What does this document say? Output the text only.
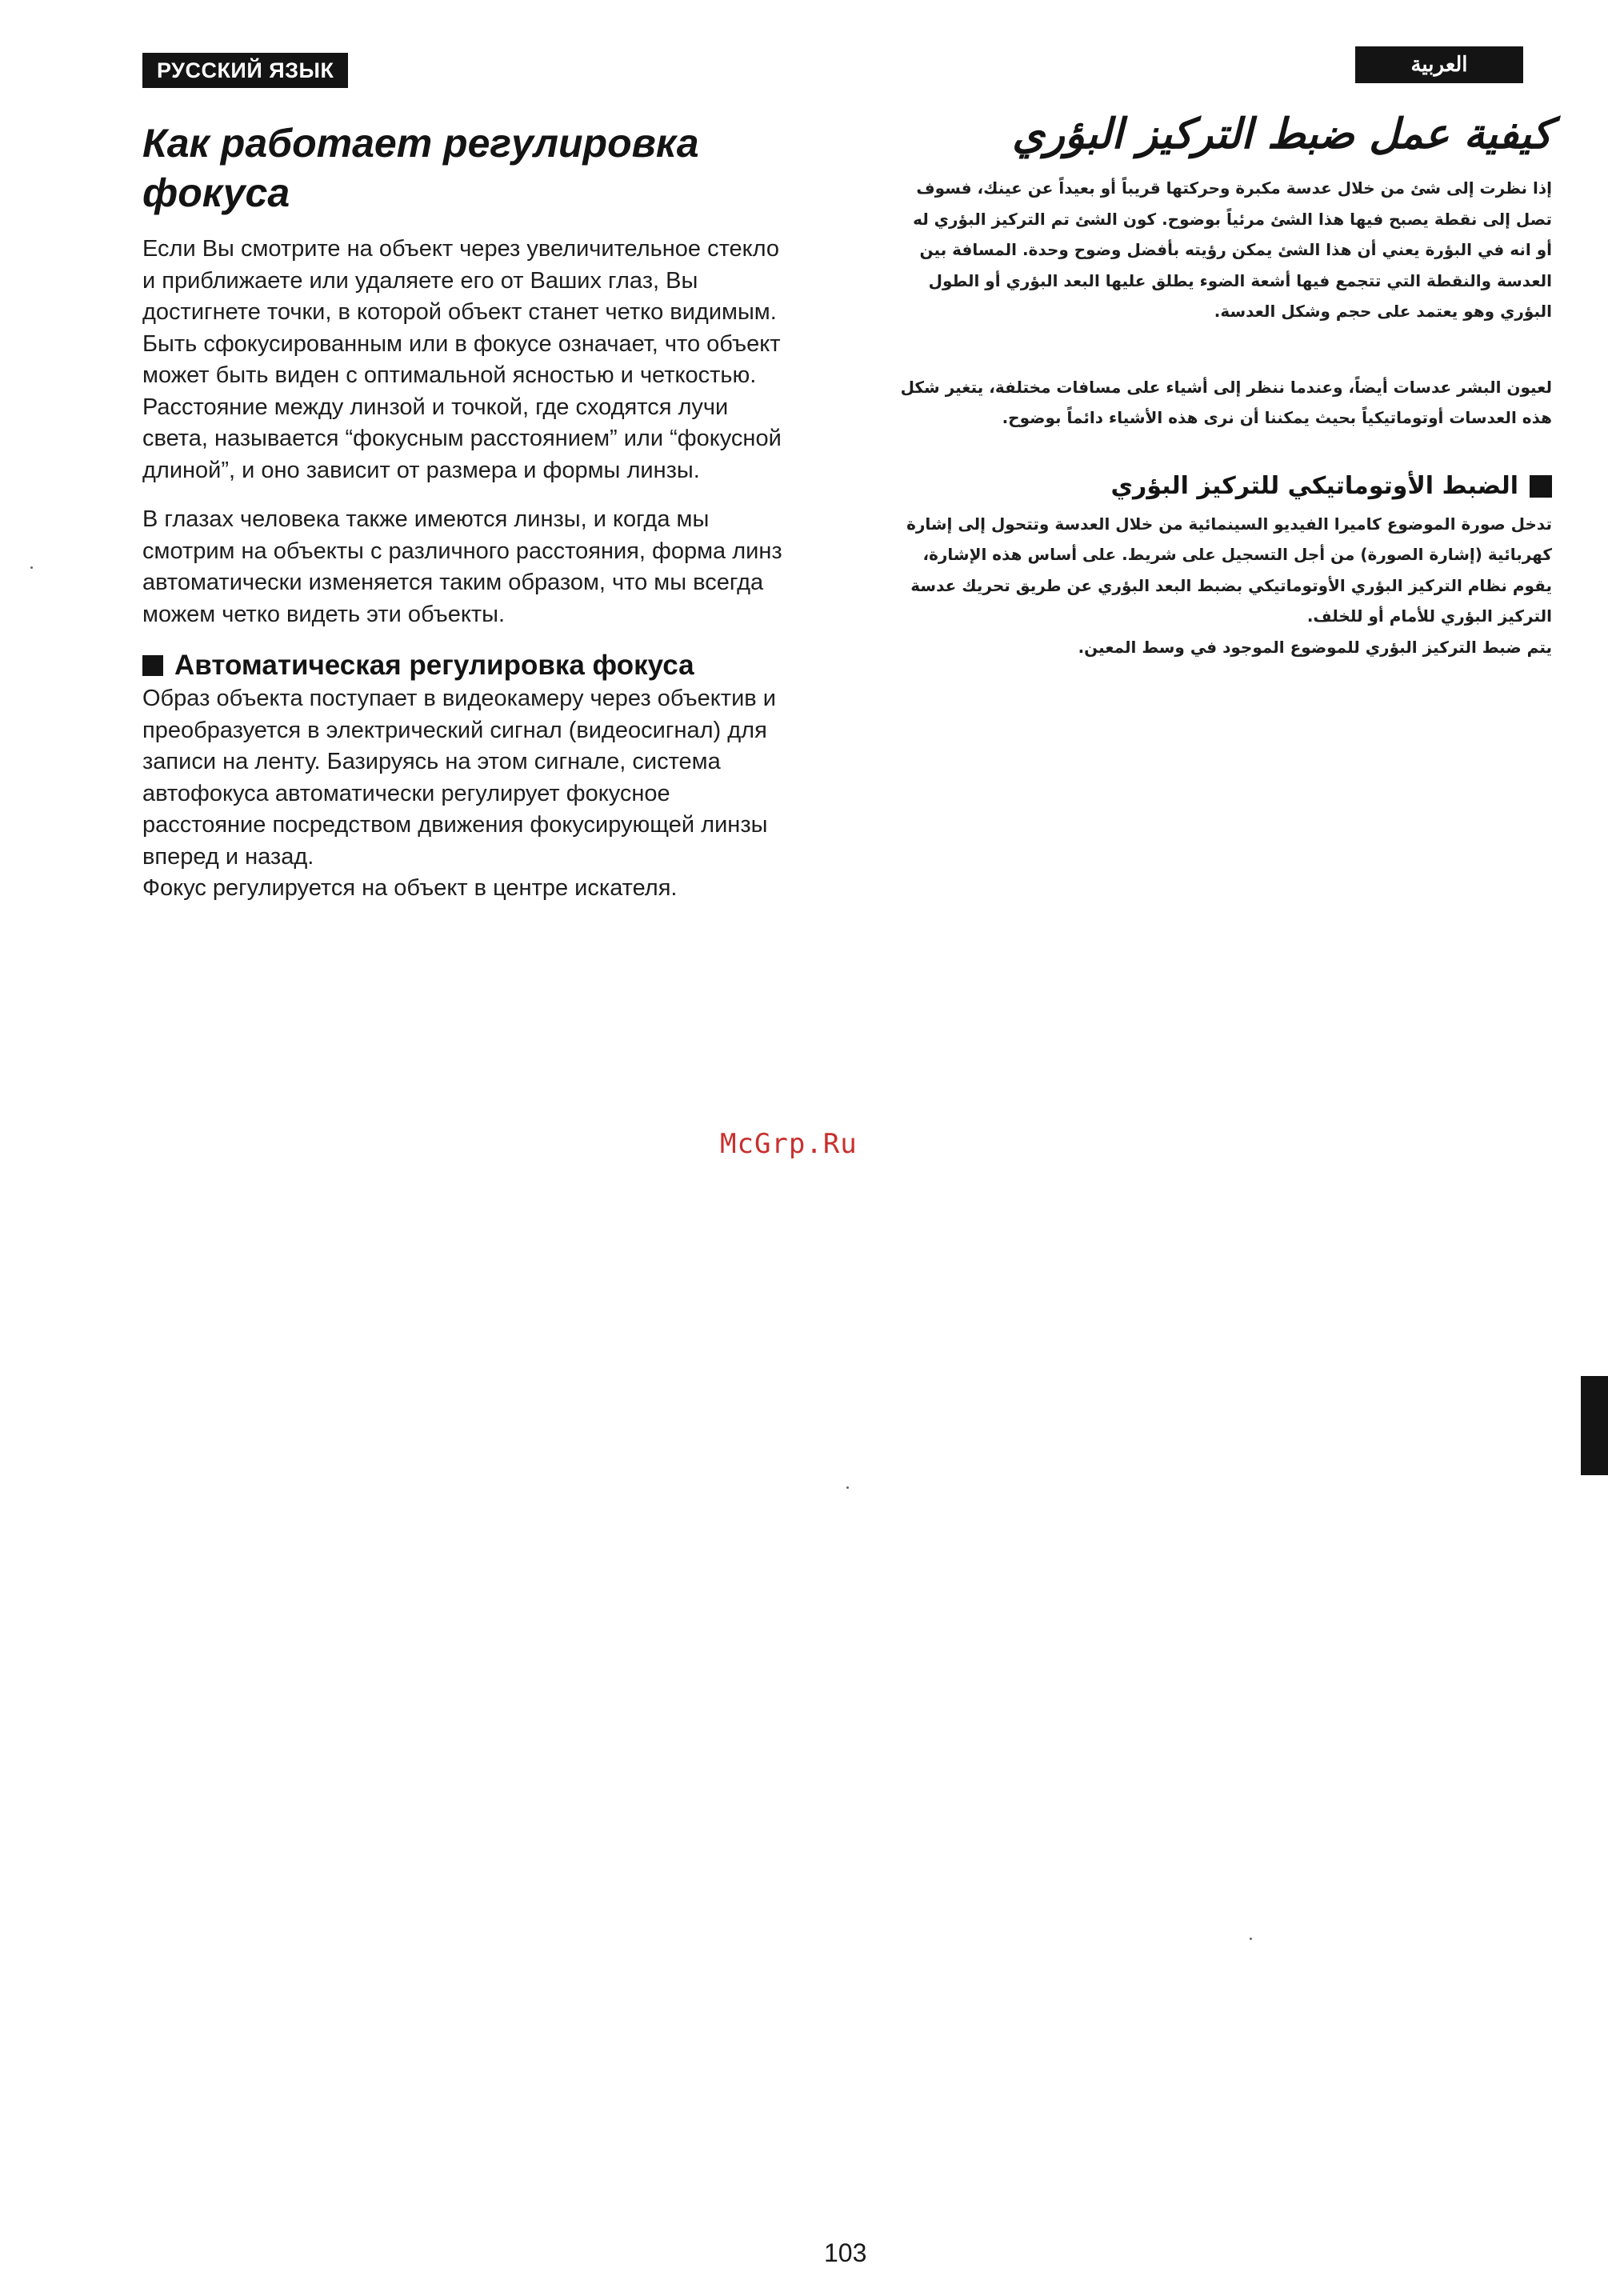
РУССКИЙ ЯЗЫК	العربية
Как работает регулировка фокуса

Если Вы смотрите на объект через увеличительное стекло и приближаете или удаляете его от Ваших глаз, Вы достигнете точки, в которой объект станет четко видимым.

Быть сфокусированным или в фокусе означает, что объект может быть виден с оптимальной ясностью и четкостью. Расстояние между линзой и точкой, где сходятся лучи света, называется “фокусным расстоянием” или “фокусной длиной”, и оно зависит от размера и формы линзы.

В глазах человека также имеются линзы, и когда мы смотрим на объекты с различного расстояния, форма линз автоматически изменяется таким образом, что мы всегда можем четко видеть эти объекты.

Автоматическая регулировка фокуса

Образ объекта поступает в видеокамеру через объектив и преобразуется в электрический сигнал (видеосигнал) для записи на ленту. Базируясь на этом сигнале, система автофокуса автоматически регулирует фокусное расстояние посредством движения фокусирующей линзы вперед и назад.

Фокус регулируется на объект в центре искателя.

كيفية عمل ضبط التركيز البؤري

إذا نظرت إلى شئ من خلال عدسة مكبرة وحركتها قريباً أو بعيداً عن عينك، فسوف تصل إلى نقطة يصبح فيها هذا الشئ مرئياً بوضوح. كون الشئ تم التركيز البؤري له أو انه في البؤرة يعني أن هذا الشئ يمكن رؤيته بأفضل وضوح وحدة. المسافة بين العدسة والنقطة التي تتجمع فيها أشعة الضوء يطلق عليها البعد البؤري أو الطول البؤري وهو يعتمد على حجم وشكل العدسة.

لعيون البشر عدسات أيضاً، وعندما ننظر إلى أشياء على مسافات مختلفة، يتغير شكل هذه العدسات أوتوماتيكياً بحيث يمكننا أن نرى هذه الأشياء دائماً بوضوح.

الضبط الأوتوماتيكي للتركيز البؤري

تدخل صورة الموضوع كاميرا الفيديو السينمائية من خلال العدسة وتتحول إلى إشارة كهربائية (إشارة الصورة) من أجل التسجيل على شريط. على أساس هذه الإشارة، يقوم نظام التركيز البؤري الأوتوماتيكي بضبط البعد البؤري عن طريق تحريك عدسة التركيز البؤري للأمام أو للخلف.

يتم ضبط التركيز البؤري للموضوع الموجود في وسط المعين.

McGrp.Ru
103
